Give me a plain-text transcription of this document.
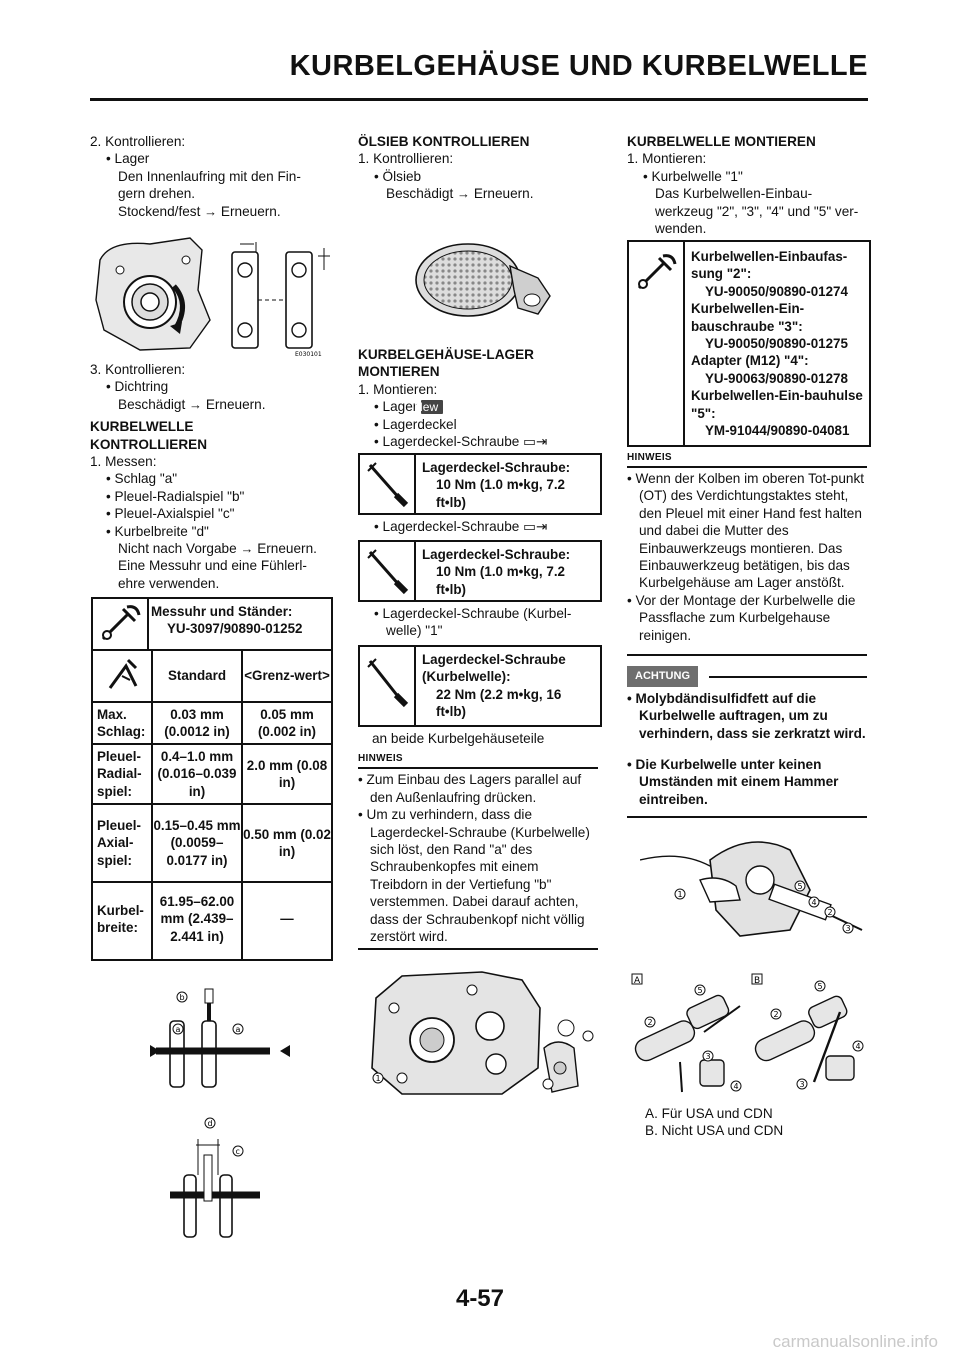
KURBELGEHÄUSE UND KURBELWELLE

2. Kontrollieren:

• Lager

Den Innenlaufring mit den Fin-

gern drehen.

Stockend/fest → Erneuern.

E030101

3. Kontrollieren:

• Dichtring

Beschädigt → Erneuern.

KURBELWELLE

KONTROLLIEREN

1. Messen:

• Schlag "a"

• Pleuel-Radialspiel "b"

• Pleuel-Axialspiel "c"

• Kurbelbreite "d"

Nicht nach Vorgabe → Erneuern.

Eine Messuhr und eine Fühlerl-

ehre verwenden.

Messuhr und Ständer:
YU-3097/90890-01252
Standard	<Grenz-wert>
Max. Schlag:
0.03 mm (0.0012 in)
0.05 mm (0.002 in)
Pleuel-Radial-spiel:
0.4–1.0 mm (0.016–0.039 in)
2.0 mm (0.08 in)
Pleuel-Axial-spiel:
0.15–0.45 mm (0.0059–0.0177 in)
0.50 mm (0.02 in)
Kurbel-breite:
61.95–62.00 mm (2.439–2.441 in)
—
a	a
b
d
c

ÖLSIEB KONTROLLIEREN

1. Kontrollieren:

• Ölsieb

Beschädigt → Erneuern.

KURBELGEHÄUSE-LAGER

MONTIEREN

1. Montieren:

• Lager New

• Lagerdeckel

• Lagerdeckel-Schraube ▭⇥

Lagerdeckel-Schraube:
10 Nm (1.0 m•kg, 7.2 ft•lb)

• Lagerdeckel-Schraube ▭⇥

Lagerdeckel-Schraube:
10 Nm (1.0 m•kg, 7.2 ft•lb)

• Lagerdeckel-Schraube (Kurbel-

welle) "1"

Lagerdeckel-Schraube (Kurbelwelle):
22 Nm (2.2 m•kg, 16 ft•lb)

an beide Kurbelgehäuseteile

HINWEIS

• Zum Einbau des Lagers parallel auf den Außenlaufring drücken.

• Um zu verhindern, dass die Lagerdeckel-Schraube (Kurbelwelle) sich löst, den Rand "a" des Schraubenkopfes mit einem Treibdorn in der Vertiefung "b" verstemmen. Dabei darauf achten, dass der Schraubenkopf nicht völlig zerstört wird.

1

KURBELWELLE MONTIEREN

1. Montieren:

• Kurbelwelle "1"

Das Kurbelwellen-Einbau-

werkzeug "2", "3", "4" und "5" ver-

wenden.

Kurbelwellen-Einbaufas-sung "2":
YU-90050/90890-01274
Kurbelwellen-Ein-bauschraube "3":
YU-90050/90890-01275
Adapter (M12) "4":
YU-90063/90890-01278
Kurbelwellen-Ein-bauhulse "5":
YM-91044/90890-04081
HINWEIS

• Wenn der Kolben im oberen Tot-punkt (OT) des Verdichtungstaktes steht, den Pleuel mit einer Hand fest halten und dabei die Mutter des Einbauwerkzeugs montieren. Das Einbauwerkzeug betätigen, bis das Kurbelgehäuse am Lager anstößt.

• Vor der Montage der Kurbelwelle die Passflache zum Kurbelgehause reinigen.

ACHTUNG

• Molybdändisulfidfett auf die Kurbelwelle auftragen, um zu verhindern, dass sie zerkratzt wird.

• Die Kurbelwelle unter keinen Umständen mit einem Hammer eintreiben.

1
5
4
2
3
A	B
5
2
3
4
5
2
4
3

A. Für USA und CDN

B. Nicht USA und CDN

4-57
carmanualsonline.info
